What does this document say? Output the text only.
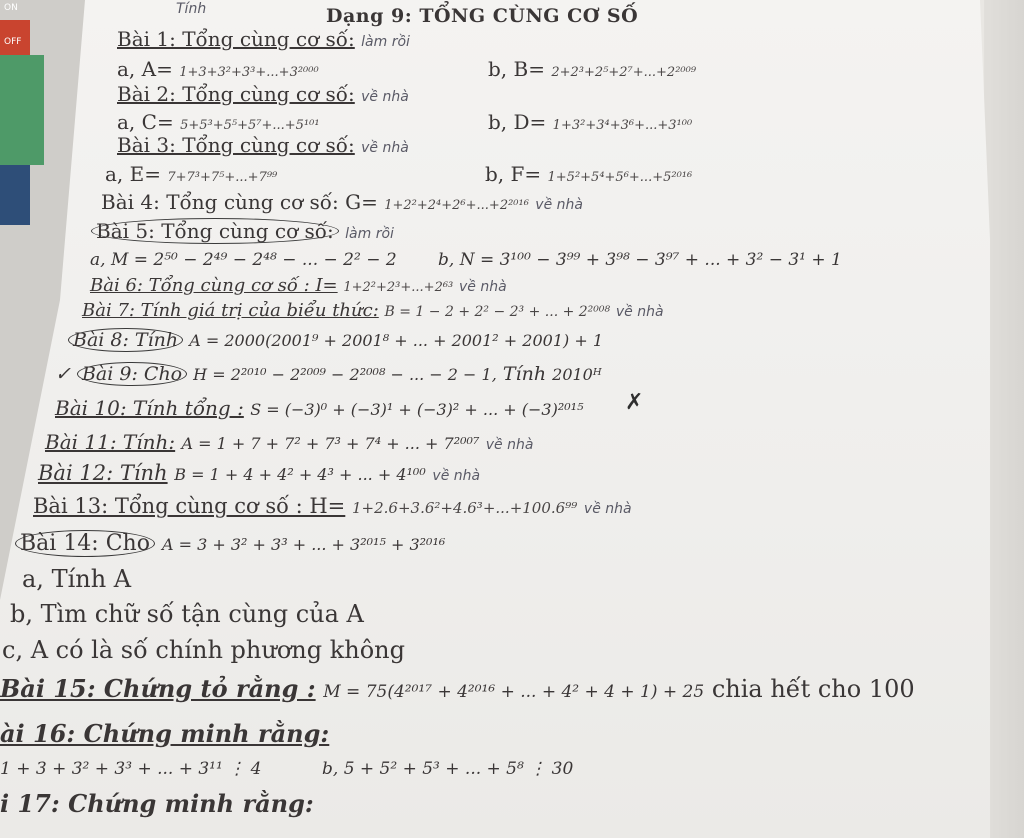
ON
OFF
Tính	Dạng 9: TỔNG CÙNG CƠ SỐ
Bài 1: Tổng cùng cơ số: làm rồi
a, A= 1+3+3²+3³+...+3²⁰⁰⁰	b, B= 2+2³+2⁵+2⁷+...+2²⁰⁰⁹
Bài 2: Tổng cùng cơ số: về nhà
a, C= 5+5³+5⁵+5⁷+...+5¹⁰¹	b, D= 1+3²+3⁴+3⁶+...+3¹⁰⁰
Bài 3: Tổng cùng cơ số: về nhà
a, E= 7+7³+7⁵+...+7⁹⁹	b, F= 1+5²+5⁴+5⁶+...+5²⁰¹⁶
Bài 4: Tổng cùng cơ số: G= 1+2²+2⁴+2⁶+...+2²⁰¹⁶ về nhà
Bài 5: Tổng cùng cơ số: làm rồi
a, M = 2⁵⁰ − 2⁴⁹ − 2⁴⁸ − ... − 2² − 2 b, N = 3¹⁰⁰ − 3⁹⁹ + 3⁹⁸ − 3⁹⁷ + ... + 3² − 3¹ + 1
Bài 6: Tổng cùng cơ số : I= 1+2²+2³+...+2⁶³ về nhà
Bài 7: Tính giá trị của biểu thức: B = 1 − 2 + 2² − 2³ + ... + 2²⁰⁰⁸ về nhà
Bài 8: Tính A = 2000(2001⁹ + 2001⁸ + ... + 2001² + 2001) + 1
✓ Bài 9: Cho H = 2²⁰¹⁰ − 2²⁰⁰⁹ − 2²⁰⁰⁸ − ... − 2 − 1, Tính 2010ᴴ
Bài 10: Tính tổng : S = (−3)⁰ + (−3)¹ + (−3)² + ... + (−3)²⁰¹⁵ ✗
Bài 11: Tính: A = 1 + 7 + 7² + 7³ + 7⁴ + ... + 7²⁰⁰⁷ về nhà
Bài 12: Tính B = 1 + 4 + 4² + 4³ + ... + 4¹⁰⁰ về nhà
Bài 13: Tổng cùng cơ số : H= 1+2.6+3.6²+4.6³+...+100.6⁹⁹ về nhà
Bài 14: Cho A = 3 + 3² + 3³ + ... + 3²⁰¹⁵ + 3²⁰¹⁶
a, Tính A
b, Tìm chữ số tận cùng của A
c, A có là số chính phương không
Bài 15: Chứng tỏ rằng : M = 75(4²⁰¹⁷ + 4²⁰¹⁶ + ... + 4² + 4 + 1) + 25 chia hết cho 100
ài 16: Chứng minh rằng:
1 + 3 + 3² + 3³ + ... + 3¹¹ ⋮ 4	b, 5 + 5² + 5³ + ... + 5⁸ ⋮ 30
i 17: Chứng minh rằng:
